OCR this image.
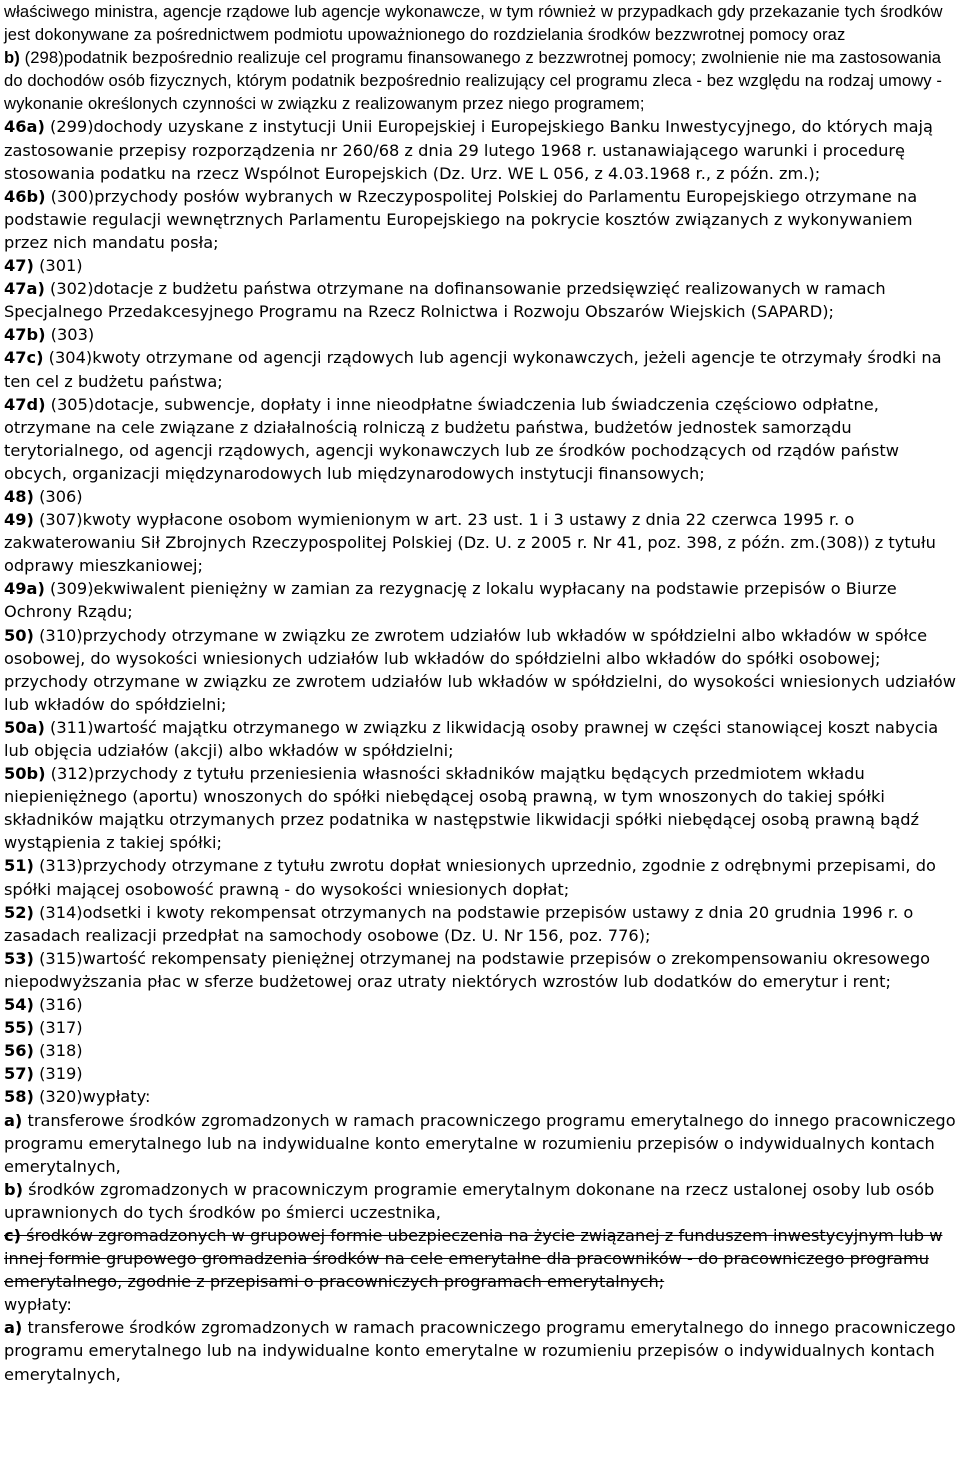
właściwego ministra, agencje rządowe lub agencje wykonawcze, w tym również w przypadkach gdy przekazanie tych środków jest dokonywane za pośrednictwem podmiotu upoważnionego do rozdzielania środków bezzwrotnej pomocy oraz

b) (298)podatnik bezpośrednio realizuje cel programu finansowanego z bezzwrotnej pomocy; zwolnienie nie ma zastosowania do dochodów osób fizycznych, którym podatnik bezpośrednio realizujący cel programu zleca - bez względu na rodzaj umowy - wykonanie określonych czynności w związku z realizowanym przez niego programem;

46a) (299)dochody uzyskane z instytucji Unii Europejskiej i Europejskiego Banku Inwestycyjnego, do których mają zastosowanie przepisy rozporządzenia nr 260/68 z dnia 29 lutego 1968 r. ustanawiającego warunki i procedurę stosowania podatku na rzecz Wspólnot Europejskich (Dz. Urz. WE L 056, z 4.03.1968 r., z późn. zm.);

46b) (300)przychody posłów wybranych w Rzeczypospolitej Polskiej do Parlamentu Europejskiego otrzymane na podstawie regulacji wewnętrznych Parlamentu Europejskiego na pokrycie kosztów związanych z wykonywaniem przez nich mandatu posła;

47) (301)

47a) (302)dotacje z budżetu państwa otrzymane na dofinansowanie przedsięwzięć realizowanych w ramach Specjalnego Przedakcesyjnego Programu na Rzecz Rolnictwa i Rozwoju Obszarów Wiejskich (SAPARD);

47b) (303)

47c) (304)kwoty otrzymane od agencji rządowych lub agencji wykonawczych, jeżeli agencje te otrzymały środki na ten cel z budżetu państwa;

47d) (305)dotacje, subwencje, dopłaty i inne nieodpłatne świadczenia lub świadczenia częściowo odpłatne, otrzymane na cele związane z działalnością rolniczą z budżetu państwa, budżetów jednostek samorządu terytorialnego, od agencji rządowych, agencji wykonawczych lub ze środków pochodzących od rządów państw obcych, organizacji międzynarodowych lub międzynarodowych instytucji finansowych;

48) (306)

49) (307)kwoty wypłacone osobom wymienionym w art. 23 ust. 1 i 3 ustawy z dnia 22 czerwca 1995 r. o zakwaterowaniu Sił Zbrojnych Rzeczypospolitej Polskiej (Dz. U. z 2005 r. Nr 41, poz. 398, z późn. zm.(308)) z tytułu odprawy mieszkaniowej;

49a) (309)ekwiwalent pieniężny w zamian za rezygnację z lokalu wypłacany na podstawie przepisów o Biurze Ochrony Rządu;

50) (310)przychody otrzymane w związku ze zwrotem udziałów lub wkładów w spółdzielni albo wkładów w spółce osobowej, do wysokości wniesionych udziałów lub wkładów do spółdzielni albo wkładów do spółki osobowej;

przychody otrzymane w związku ze zwrotem udziałów lub wkładów w spółdzielni, do wysokości wniesionych udziałów lub wkładów do spółdzielni;

50a) (311)wartość majątku otrzymanego w związku z likwidacją osoby prawnej w części stanowiącej koszt nabycia lub objęcia udziałów (akcji) albo wkładów w spółdzielni;

50b) (312)przychody z tytułu przeniesienia własności składników majątku będących przedmiotem wkładu niepieniężnego (aportu) wnoszonych do spółki niebędącej osobą prawną, w tym wnoszonych do takiej spółki składników majątku otrzymanych przez podatnika w następstwie likwidacji spółki niebędącej osobą prawną bądź wystąpienia z takiej spółki;

51) (313)przychody otrzymane z tytułu zwrotu dopłat wniesionych uprzednio, zgodnie z odrębnymi przepisami, do spółki mającej osobowość prawną - do wysokości wniesionych dopłat;

52) (314)odsetki i kwoty rekompensat otrzymanych na podstawie przepisów ustawy z dnia 20 grudnia 1996 r. o zasadach realizacji przedpłat na samochody osobowe (Dz. U. Nr 156, poz. 776);

53) (315)wartość rekompensaty pieniężnej otrzymanej na podstawie przepisów o zrekompensowaniu okresowego niepodwyższania płac w sferze budżetowej oraz utraty niektórych wzrostów lub dodatków do emerytur i rent;

54) (316)

55) (317)

56) (318)

57) (319)

58) (320)wypłaty:

a) transferowe środków zgromadzonych w ramach pracowniczego programu emerytalnego do innego pracowniczego programu emerytalnego lub na indywidualne konto emerytalne w rozumieniu przepisów o indywidualnych kontach emerytalnych,

b) środków zgromadzonych w pracowniczym programie emerytalnym dokonane na rzecz ustalonej osoby lub osób uprawnionych do tych środków po śmierci uczestnika,

c) środków zgromadzonych w grupowej formie ubezpieczenia na życie związanej z funduszem inwestycyjnym lub w innej formie grupowego gromadzenia środków na cele emerytalne dla pracowników - do pracowniczego programu emerytalnego, zgodnie z przepisami o pracowniczych programach emerytalnych;

wypłaty:

a) transferowe środków zgromadzonych w ramach pracowniczego programu emerytalnego do innego pracowniczego programu emerytalnego lub na indywidualne konto emerytalne w rozumieniu przepisów o indywidualnych kontach emerytalnych,
